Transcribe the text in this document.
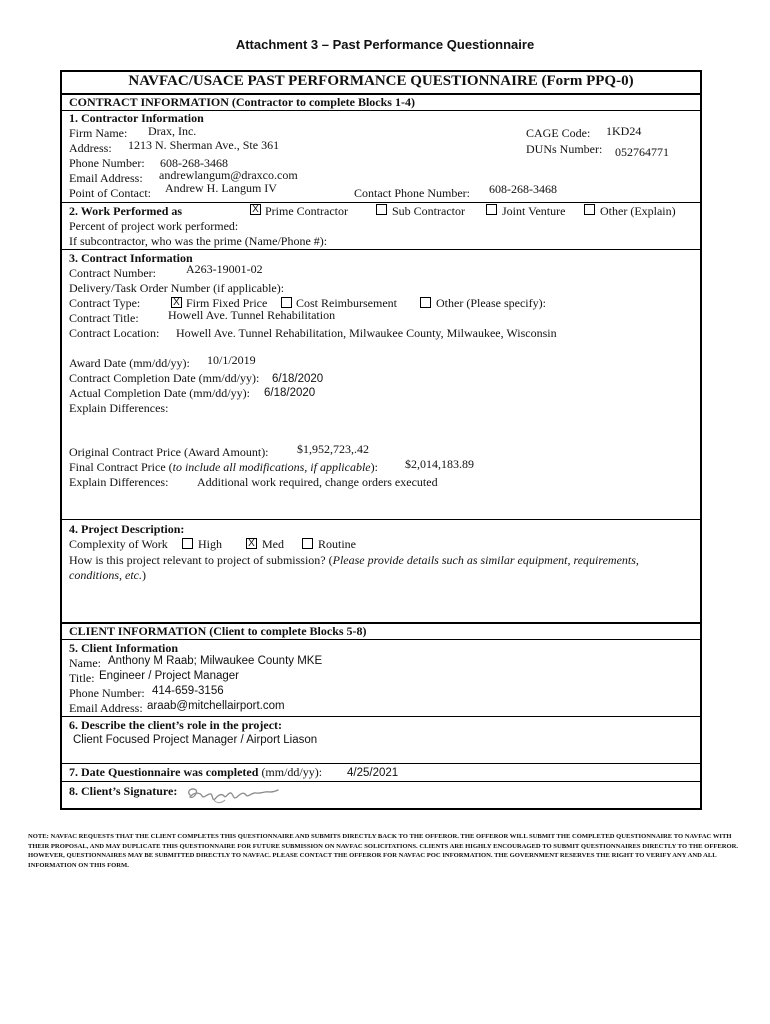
Attachment 3 – Past Performance Questionnaire
NAVFAC/USACE PAST PERFORMANCE QUESTIONNAIRE (Form PPQ-0)
CONTRACT INFORMATION (Contractor to complete Blocks 1-4)
1. Contractor Information
Firm Name: Drax, Inc.
Address: 1213 N. Sherman Ave., Ste 361
Phone Number: 608-268-3468
Email Address: andrewlangum@draxco.com
Point of Contact: Andrew H. Langum IV	Contact Phone Number: 608-268-3468
CAGE Code: 1KD24
DUNs Number: 052764771
2. Work Performed as	X Prime Contractor	Sub Contractor	Joint Venture	Other (Explain)
Percent of project work performed:
If subcontractor, who was the prime (Name/Phone #):
3. Contract Information
Contract Number:	A263-19001-02
Delivery/Task Order Number (if applicable):
Contract Type:	X Firm Fixed Price Cost Reimbursement	Other (Please specify):
Contract Title: Howell Ave. Tunnel Rehabilitation
Contract Location: Howell Ave. Tunnel Rehabilitation, Milwaukee County, Milwaukee, Wisconsin
Award Date (mm/dd/yy): 10/1/2019
Contract Completion Date (mm/dd/yy): 6/18/2020
Actual Completion Date (mm/dd/yy): 6/18/2020
Explain Differences:
Original Contract Price (Award Amount): $1,952,723,.42
Final Contract Price (to include all modifications, if applicable): $2,014,183.89
Explain Differences: Additional work required, change orders executed
4. Project Description:
Complexity of Work	High	X Med	Routine
How is this project relevant to project of submission? (Please provide details such as similar equipment, requirements,
conditions, etc.)
CLIENT INFORMATION (Client to complete Blocks 5-8)
5. Client Information
Name: Anthony M Raab; Milwaukee County MKE
Title: Engineer / Project Manager
Phone Number: 414-659-3156
Email Address: araab@mitchellairport.com
6. Describe the client’s role in the project:
Client Focused Project Manager / Airport Liason
7. Date Questionnaire was completed (mm/dd/yy): 4/25/2021
8. Client’s Signature:
NOTE: NAVFAC REQUESTS THAT THE CLIENT COMPLETES THIS QUESTIONNAIRE AND SUBMITS DIRECTLY BACK TO THE OFFEROR. THE OFFEROR WILL SUBMIT THE COMPLETED QUESTIONNAIRE TO NAVFAC WITH THEIR PROPOSAL, AND MAY DUPLICATE THIS QUESTIONNAIRE FOR FUTURE SUBMISSION ON NAVFAC SOLICITATIONS. CLIENTS ARE HIGHLY ENCOURAGED TO SUBMIT QUESTIONNAIRES DIRECTLY TO THE OFFEROR. HOWEVER, QUESTIONNAIRES MAY BE SUBMITTED DIRECTLY TO NAVFAC. PLEASE CONTACT THE OFFEROR FOR NAVFAC POC INFORMATION. THE GOVERNMENT RESERVES THE RIGHT TO VERIFY ANY AND ALL INFORMATION ON THIS FORM.
